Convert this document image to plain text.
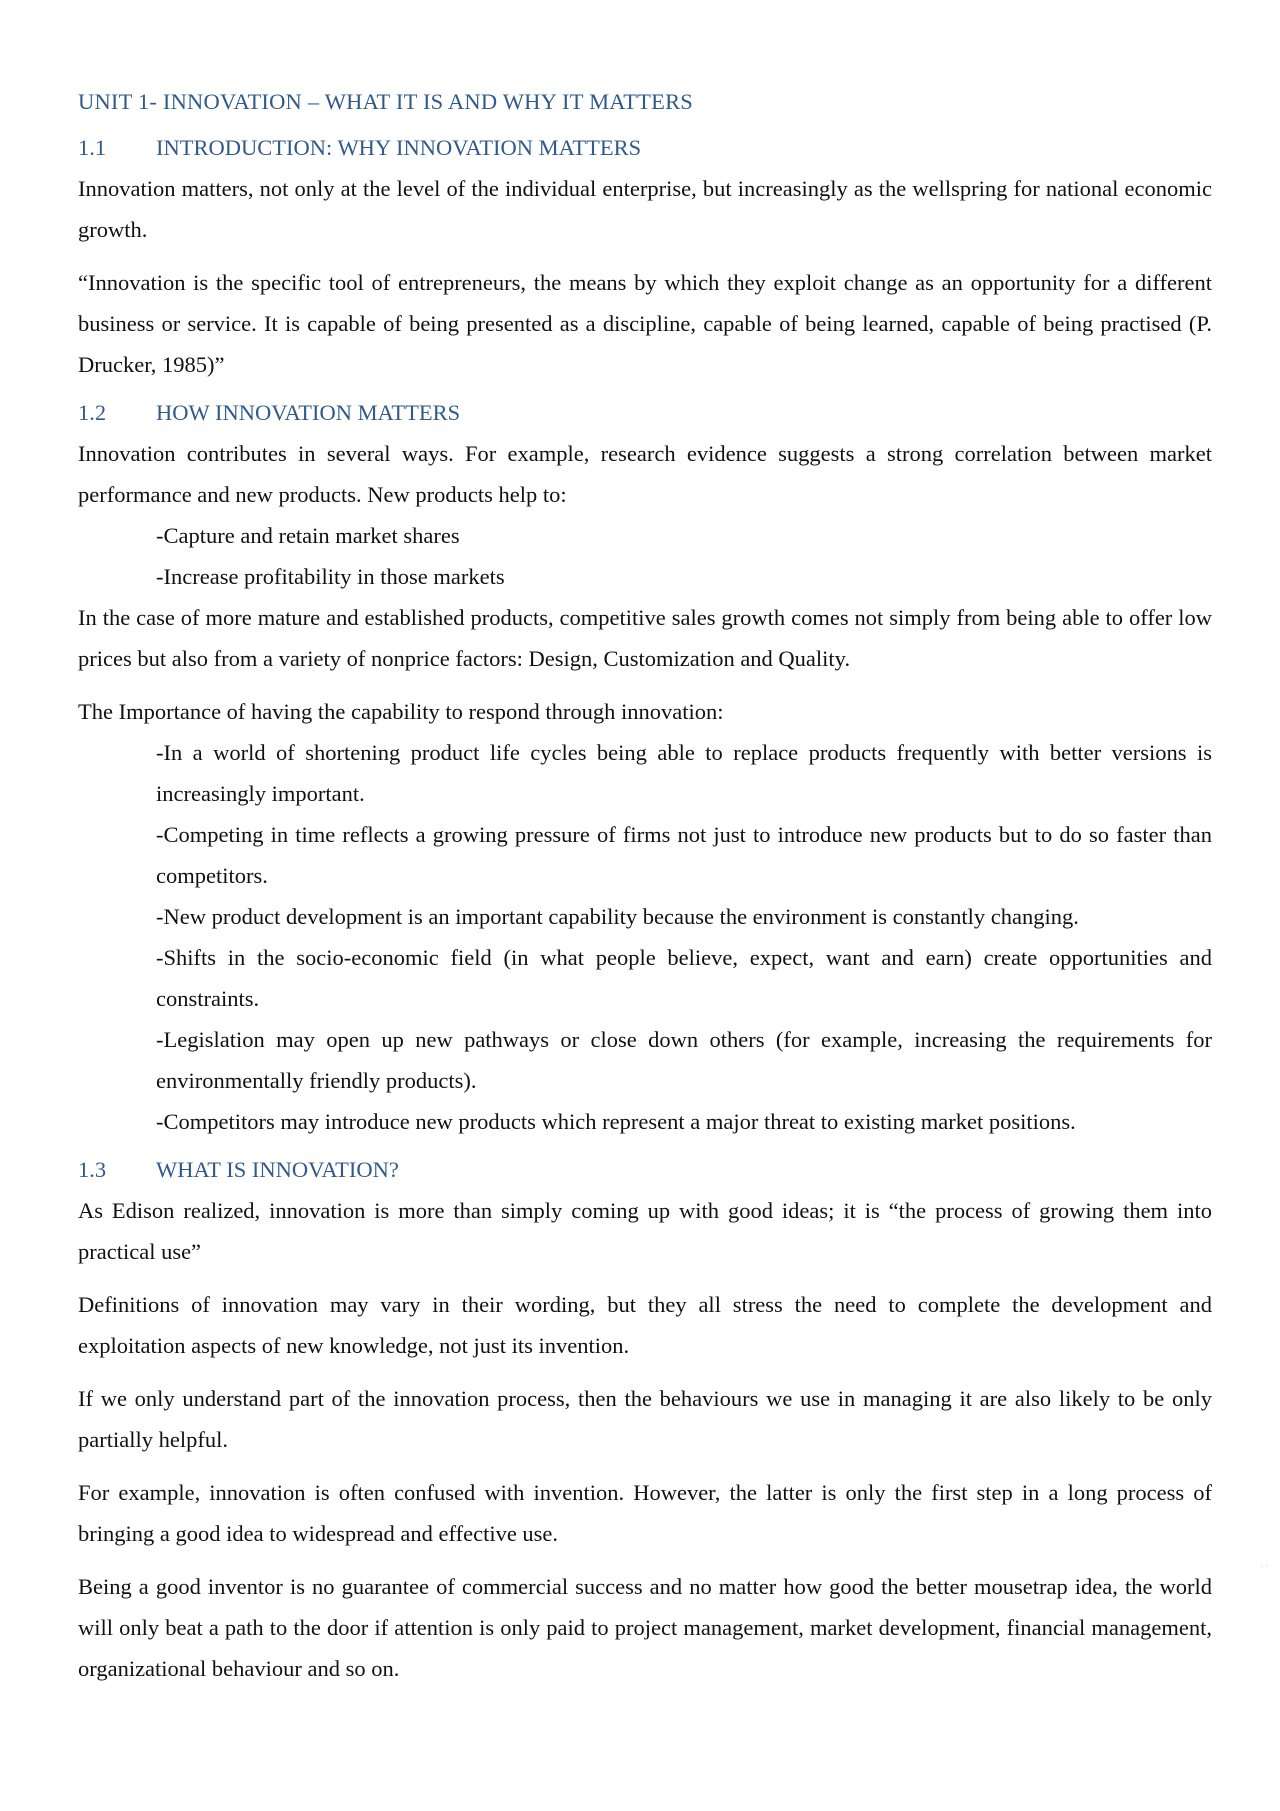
UNIT 1- INNOVATION – WHAT IT IS AND WHY IT MATTERS
1.1	INTRODUCTION: WHY INNOVATION MATTERS

Innovation matters, not only at the level of the individual enterprise, but increasingly as the wellspring for national economic growth.

“Innovation is the specific tool of entrepreneurs, the means by which they exploit change as an opportunity for a different business or service. It is capable of being presented as a discipline, capable of being learned, capable of being practised (P. Drucker, 1985)”

1.2	HOW INNOVATION MATTERS

Innovation contributes in several ways. For example, research evidence suggests a strong correlation between market performance and new products. New products help to:

-Capture and retain market shares

-Increase profitability in those markets

In the case of more mature and established products, competitive sales growth comes not simply from being able to offer low prices but also from a variety of nonprice factors: Design, Customization and Quality.

The Importance of having the capability to respond through innovation:

-In a world of shortening product life cycles being able to replace products frequently with better versions is increasingly important.

-Competing in time reflects a growing pressure of firms not just to introduce new products but to do so faster than competitors.

-New product development is an important capability because the environment is constantly changing.

-Shifts in the socio-economic field (in what people believe, expect, want and earn) create opportunities and constraints.

-Legislation may open up new pathways or close down others (for example, increasing the requirements for environmentally friendly products).

-Competitors may introduce new products which represent a major threat to existing market positions.

1.3	WHAT IS INNOVATION?

As Edison realized, innovation is more than simply coming up with good ideas; it is “the process of growing them into practical use”

Definitions of innovation may vary in their wording, but they all stress the need to complete the development and exploitation aspects of new knowledge, not just its invention.

If we only understand part of the innovation process, then the behaviours we use in managing it are also likely to be only partially helpful.

For example, innovation is often confused with invention. However, the latter is only the first step in a long process of bringing a good idea to widespread and effective use.

Being a good inventor is no guarantee of commercial success and no matter how good the better mousetrap idea, the world will only beat a path to the door if attention is only paid to project management, market development, financial management, organizational behaviour and so on.

· ·
